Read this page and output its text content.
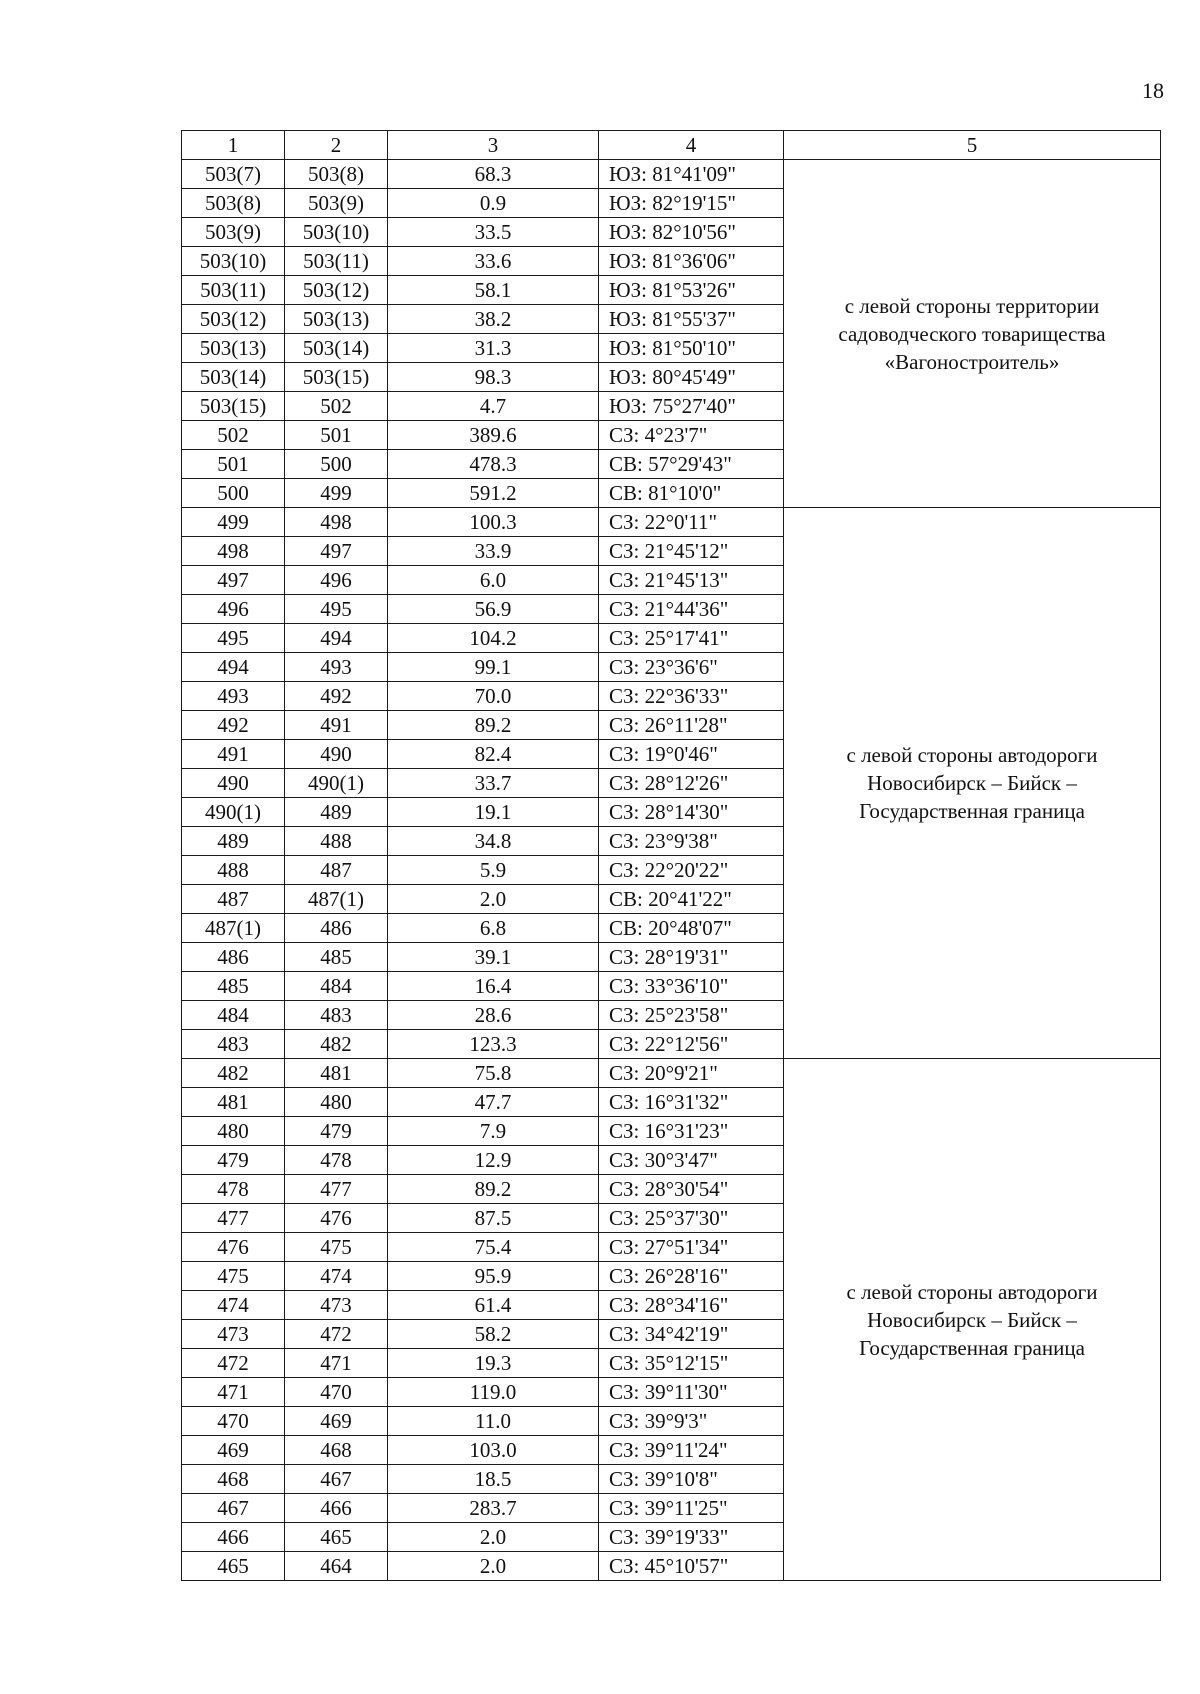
18
1	2	3	4	5
503(7)	503(8)	68.3	ЮЗ: 81°41'09"	с левой стороны территории
садоводческого товарищества
«Вагоностроитель»

503(8)	503(9)	0.9	ЮЗ: 82°19'15"	
503(9)	503(10)	33.5	ЮЗ: 82°10'56"	
503(10)	503(11)	33.6	ЮЗ: 81°36'06"	
503(11)	503(12)	58.1	ЮЗ: 81°53'26"	
503(12)	503(13)	38.2	ЮЗ: 81°55'37"	
503(13)	503(14)	31.3	ЮЗ: 81°50'10"	
503(14)	503(15)	98.3	ЮЗ: 80°45'49"	
503(15)	502	4.7	ЮЗ: 75°27'40"	
502	501	389.6	СЗ: 4°23'7"	
501	500	478.3	СВ: 57°29'43"	
500	499	591.2	СВ: 81°10'0"	
499	498	100.3	СЗ: 22°0'11"	с левой стороны автодороги
Новосибирск – Бийск –
Государственная граница

498	497	33.9	СЗ: 21°45'12"	
497	496	6.0	СЗ: 21°45'13"	
496	495	56.9	СЗ: 21°44'36"	
495	494	104.2	СЗ: 25°17'41"	
494	493	99.1	СЗ: 23°36'6"	
493	492	70.0	СЗ: 22°36'33"	
492	491	89.2	СЗ: 26°11'28"	
491	490	82.4	СЗ: 19°0'46"	
490	490(1)	33.7	СЗ: 28°12'26"	
490(1)	489	19.1	СЗ: 28°14'30"	
489	488	34.8	СЗ: 23°9'38"	
488	487	5.9	СЗ: 22°20'22"	
487	487(1)	2.0	СВ: 20°41'22"	
487(1)	486	6.8	СВ: 20°48'07"	
486	485	39.1	СЗ: 28°19'31"	
485	484	16.4	СЗ: 33°36'10"	
484	483	28.6	СЗ: 25°23'58"	
483	482	123.3	СЗ: 22°12'56"	
482	481	75.8	СЗ: 20°9'21"	с левой стороны автодороги
Новосибирск – Бийск –
Государственная граница

481	480	47.7	СЗ: 16°31'32"	
480	479	7.9	СЗ: 16°31'23"	
479	478	12.9	СЗ: 30°3'47"	
478	477	89.2	СЗ: 28°30'54"	
477	476	87.5	СЗ: 25°37'30"	
476	475	75.4	СЗ: 27°51'34"	
475	474	95.9	СЗ: 26°28'16"	
474	473	61.4	СЗ: 28°34'16"	
473	472	58.2	СЗ: 34°42'19"	
472	471	19.3	СЗ: 35°12'15"	
471	470	119.0	СЗ: 39°11'30"	
470	469	11.0	СЗ: 39°9'3"	
469	468	103.0	СЗ: 39°11'24"	
468	467	18.5	СЗ: 39°10'8"	
467	466	283.7	СЗ: 39°11'25"	
466	465	2.0	СЗ: 39°19'33"	
465	464	2.0	СЗ: 45°10'57"	
